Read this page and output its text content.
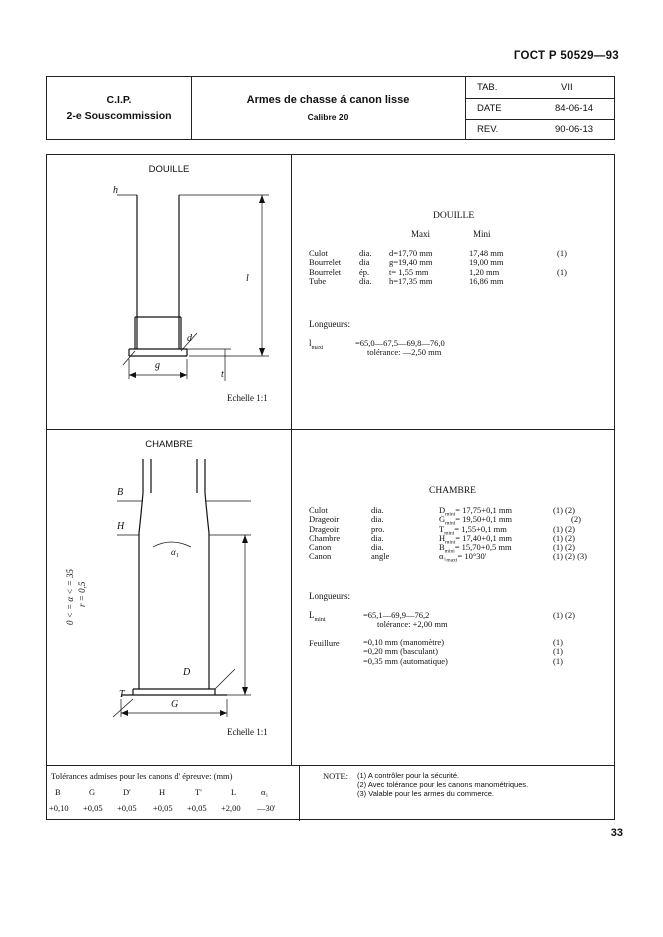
ГОСТ Р 50529—93
C.I.P.
2-e Souscommission
Armes de chasse á canon lisse
Calibre 20
TAB.	VII
DATE	84-06-14
REV.	90-06-13
DOUILLE
h
l
d
g
t
Echelle 1:1
DOUILLE
Maxi	Mini
Culot	dia. d=17,70 mm	17,48 mm	(1)
Bourrelet dia g=19,40 mm	19,00 mm
Bourrelet ép. t= 1,55 mm	1,20 mm	(1)
Tube	dia. h=17,35 mm	16,86 mm
Longueurs:
$l_{maxi}$	=65,0—67,5—69,8—76,0
tolérance: —2,50 mm
CHAMBRE
B
H
α₁
D
T
G
0 < = α < = 35 r = 0,5
Echelle 1:1
CHAMBRE
Culot	dia.	$D_{mini}= 17,75+0,1$ mm	(1) (2)
Drageoir	dia.	$G_{mini}= 19,50+0,1$ mm	(2)
Drageoir	pro.	$T_{mini}= 1,55+0,1$ mm	(1) (2)
Chambre	dia.	$H_{mini}= 17,40+0,1$ mm	(1) (2)
Canon	dia.	$B_{mini}= 15,70+0,5$ mm	(1) (2)
Canon	angle	$\alpha_1_{maxi}= 10^\circ 30'$	(1) (2) (3)
Longueurs:
$L_{mini}$	=65,1—69,9—76,2	(1) (2)
tolérance: +2,00 mm
Feuillure	=0,10 mm (manomètre)	(1)
=0,20 mm (basculant)	(1)
=0,35 mm (automatique)	(1)
Tolérances admises pour les canons d' épreuve: (mm)
B	G	D'	H	T'	L	α₁
+0,10 +0,05 +0,05 +0,05 +0,05 +2,00 —30'
NOTE: (1) A contrôler pour la sécurité.
(2) Avec tolérance pour les canons manométriques.
(3) Valable pour les armes du commerce.
33
